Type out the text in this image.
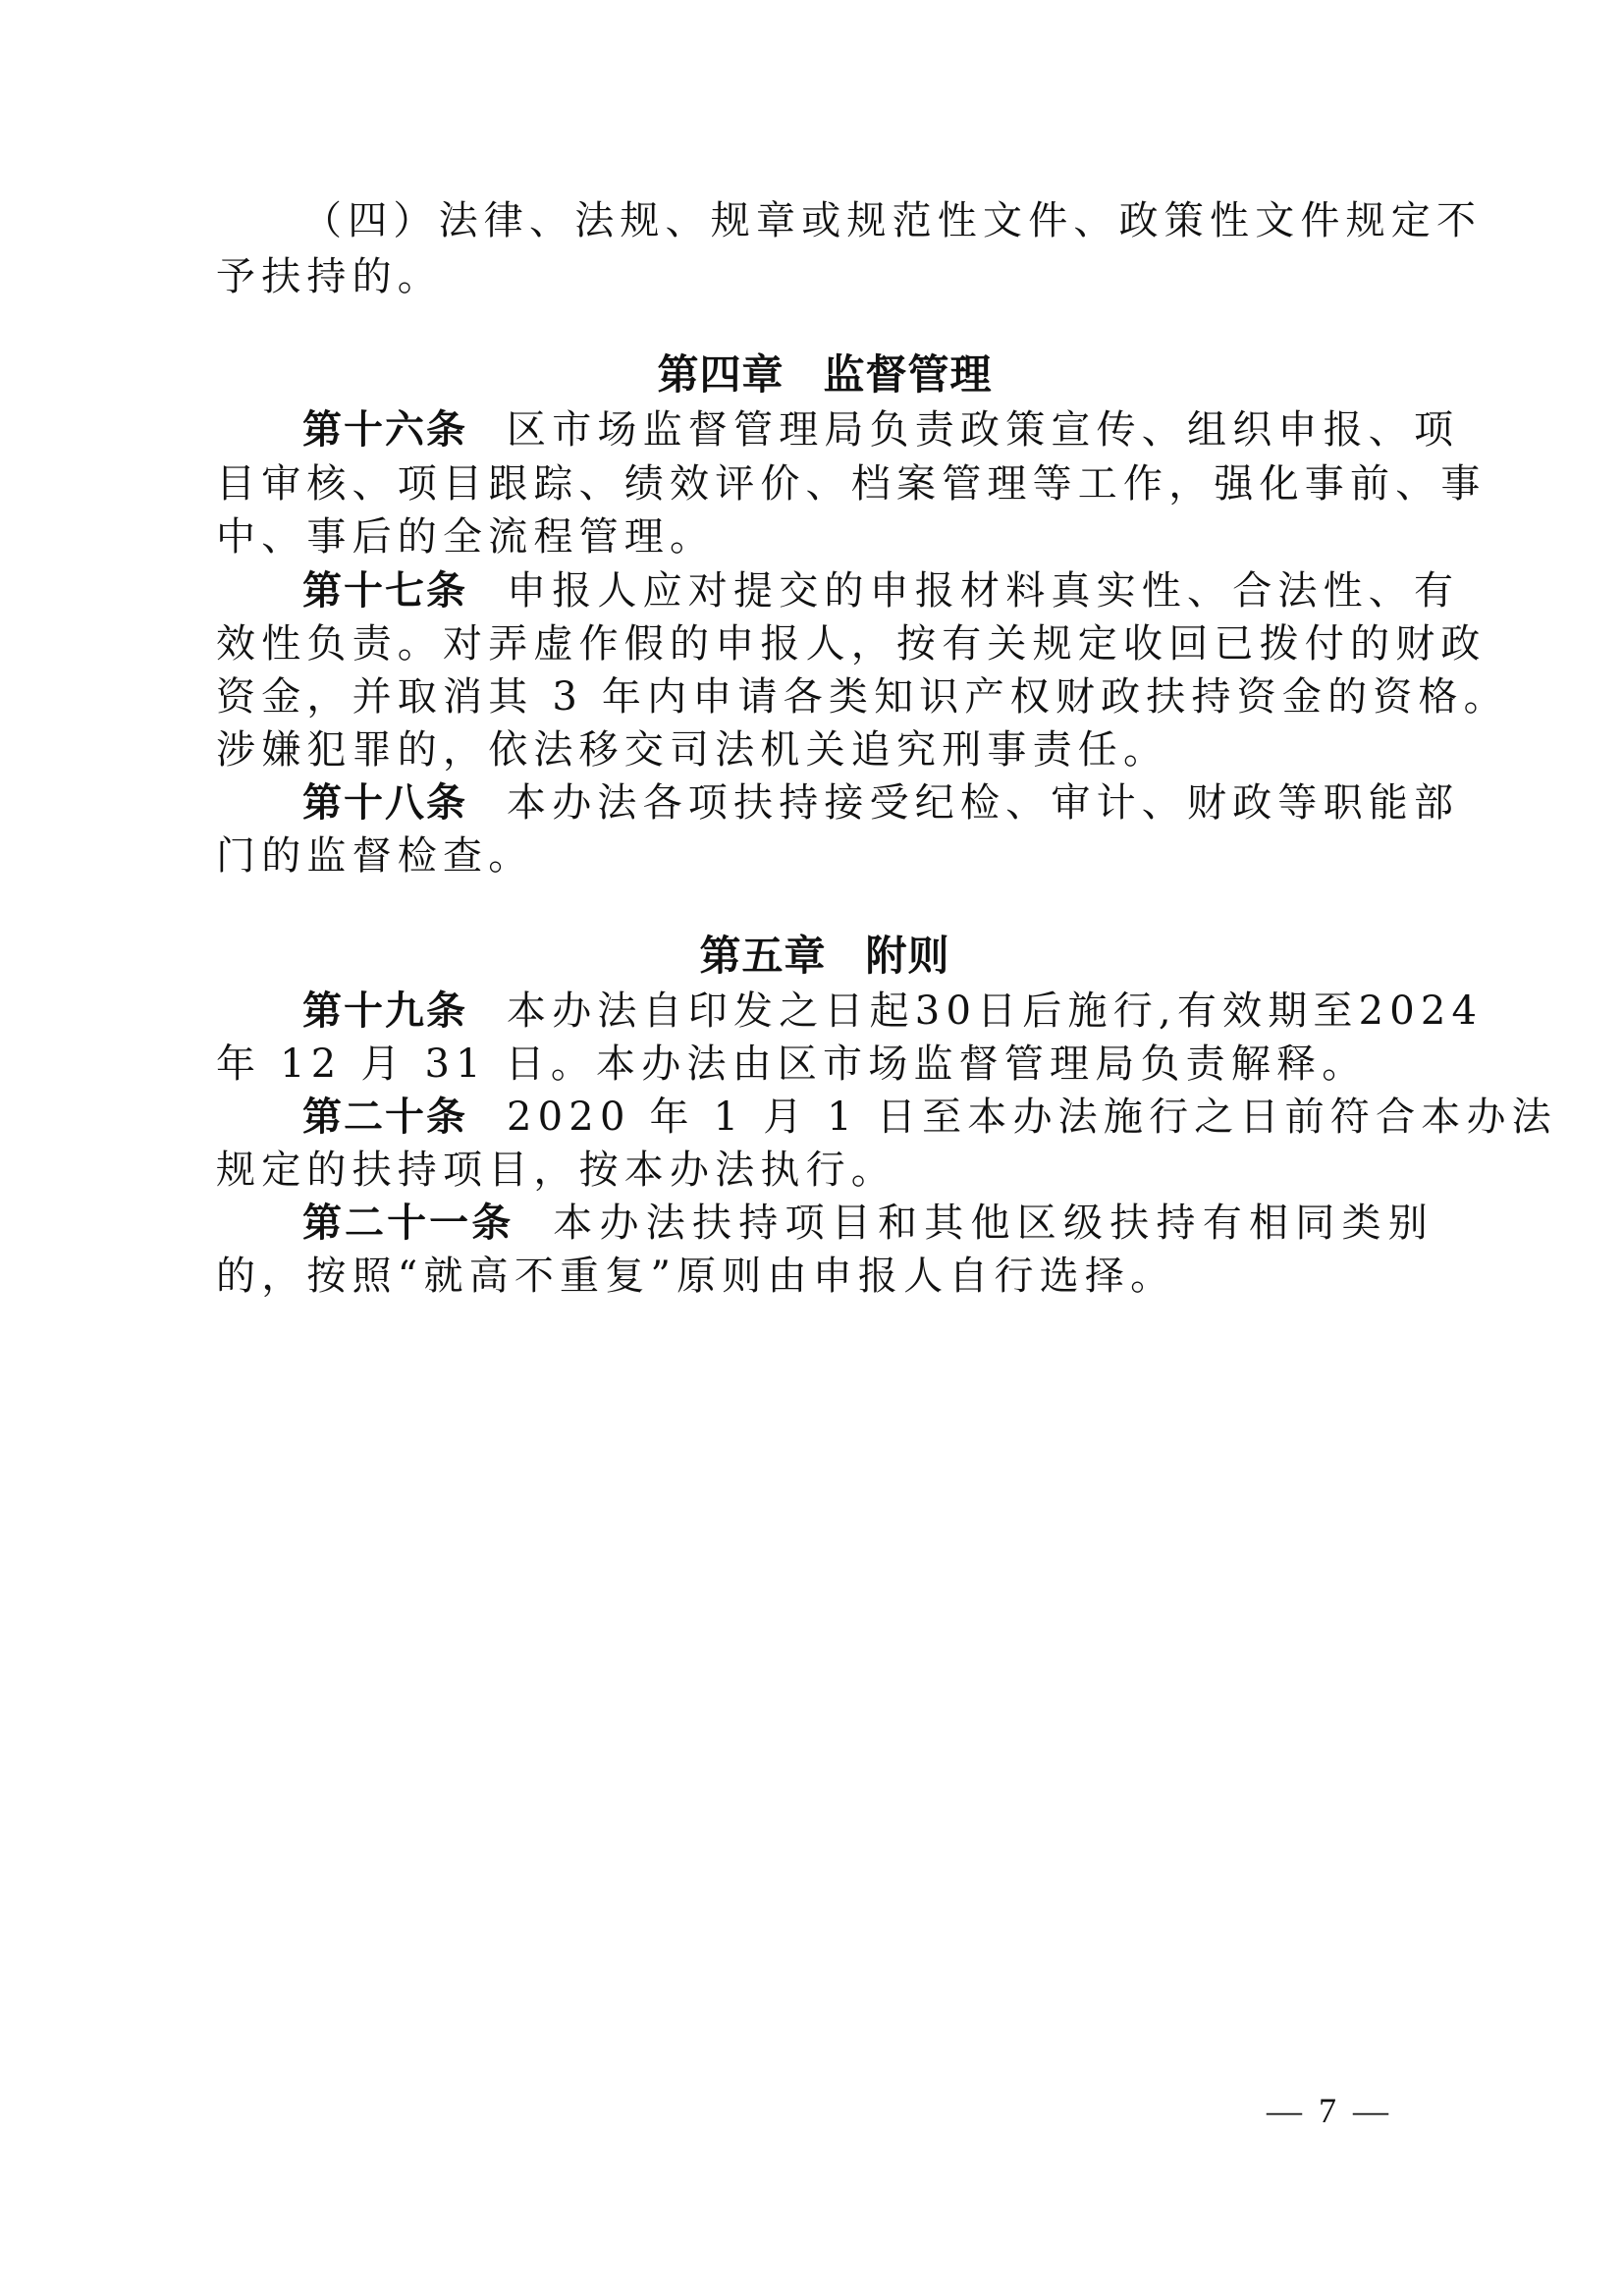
（四）法律、法规、规章或规范性文件、政策性文件规定不
予扶持的。
第四章 监督管理
第十六条 区市场监督管理局负责政策宣传、组织申报、项
目审核、项目跟踪、绩效评价、档案管理等工作，强化事前、事
中、事后的全流程管理。
第十七条 申报人应对提交的申报材料真实性、合法性、有
效性负责。对弄虚作假的申报人，按有关规定收回已拨付的财政
资金，并取消其 3 年内申请各类知识产权财政扶持资金的资格。
涉嫌犯罪的，依法移交司法机关追究刑事责任。
第十八条 本办法各项扶持接受纪检、审计、财政等职能部
门的监督检查。
第五章 附则
第十九条 本办法自印发之日起30日后施行,有效期至2024
年 12 月 31 日。本办法由区市场监督管理局负责解释。
第二十条 2020 年 1 月 1 日至本办法施行之日前符合本办法
规定的扶持项目，按本办法执行。
第二十一条 本办法扶持项目和其他区级扶持有相同类别
的，按照“就高不重复”原则由申报人自行选择。
— 7 —
